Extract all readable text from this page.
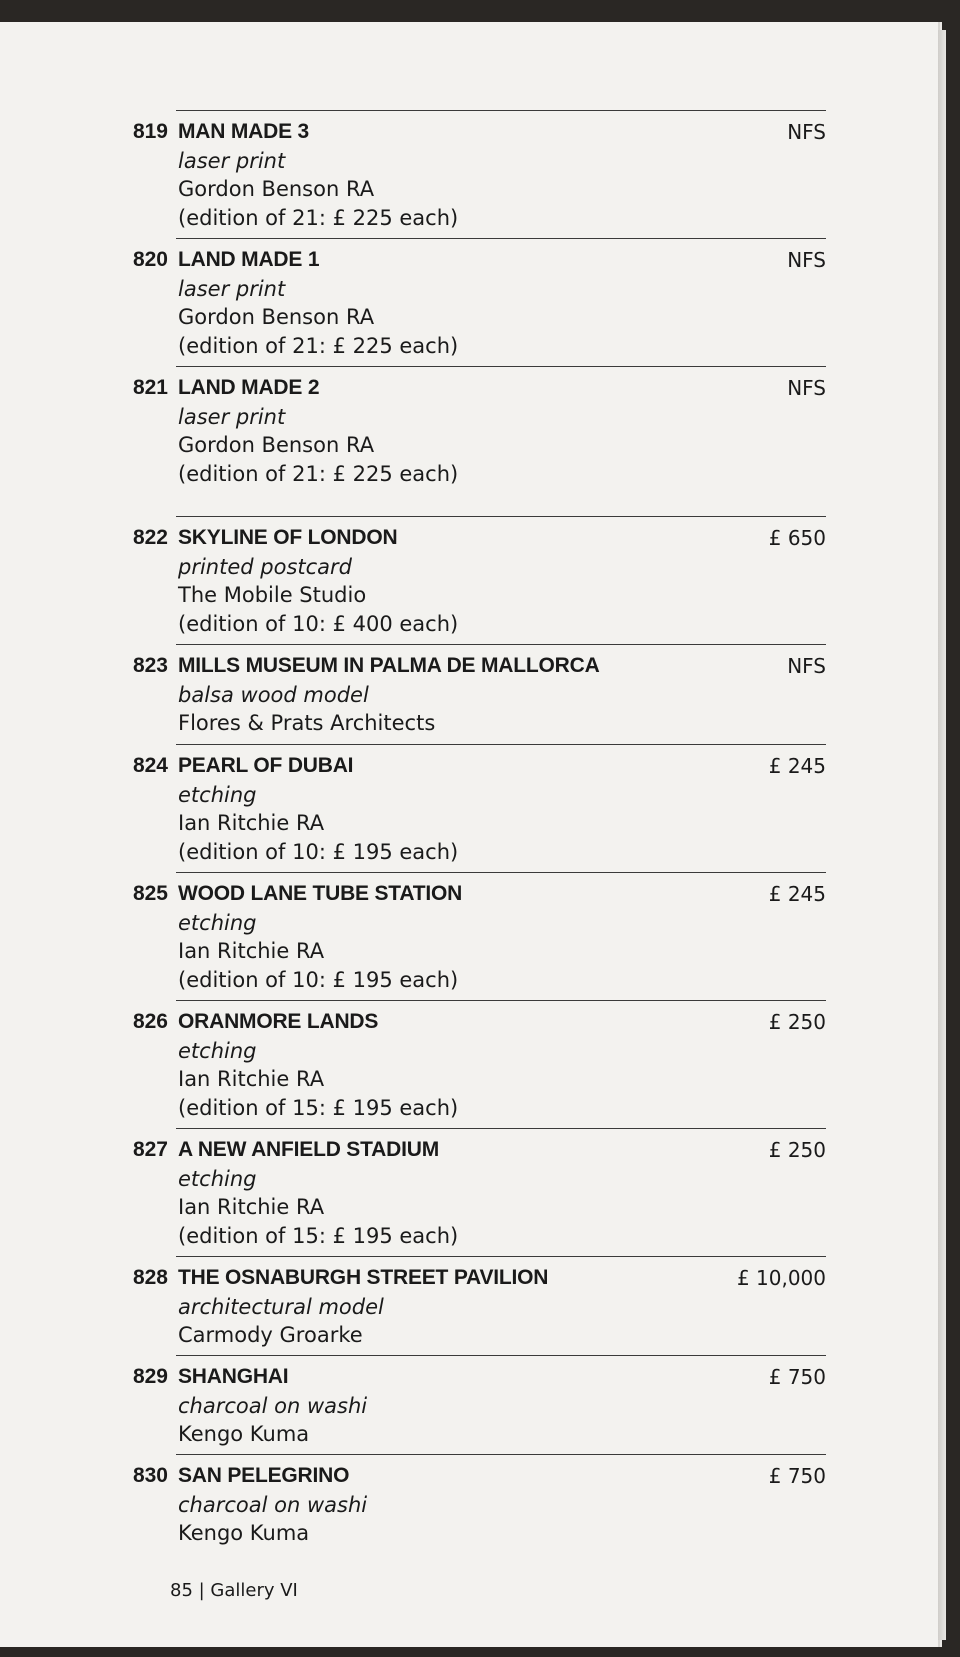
819 MAN MADE 3
laser print
Gordon Benson RA
(edition of 21: £ 225 each)
NFS
820 LAND MADE 1
laser print
Gordon Benson RA
(edition of 21: £ 225 each)
NFS
821 LAND MADE 2
laser print
Gordon Benson RA
(edition of 21: £ 225 each)
NFS
822 SKYLINE OF LONDON
printed postcard
The Mobile Studio
(edition of 10: £ 400 each)
£ 650
823 MILLS MUSEUM IN PALMA DE MALLORCA
balsa wood model
Flores & Prats Architects
NFS
824 PEARL OF DUBAI
etching
Ian Ritchie RA
(edition of 10: £ 195 each)
£ 245
825 WOOD LANE TUBE STATION
etching
Ian Ritchie RA
(edition of 10: £ 195 each)
£ 245
826 ORANMORE LANDS
etching
Ian Ritchie RA
(edition of 15: £ 195 each)
£ 250
827 A NEW ANFIELD STADIUM
etching
Ian Ritchie RA
(edition of 15: £ 195 each)
£ 250
828 THE OSNABURGH STREET PAVILION
architectural model
Carmody Groarke
£ 10,000
829 SHANGHAI
charcoal on washi
Kengo Kuma
£ 750
830 SAN PELEGRINO
charcoal on washi
Kengo Kuma
£ 750
85 | Gallery VI
